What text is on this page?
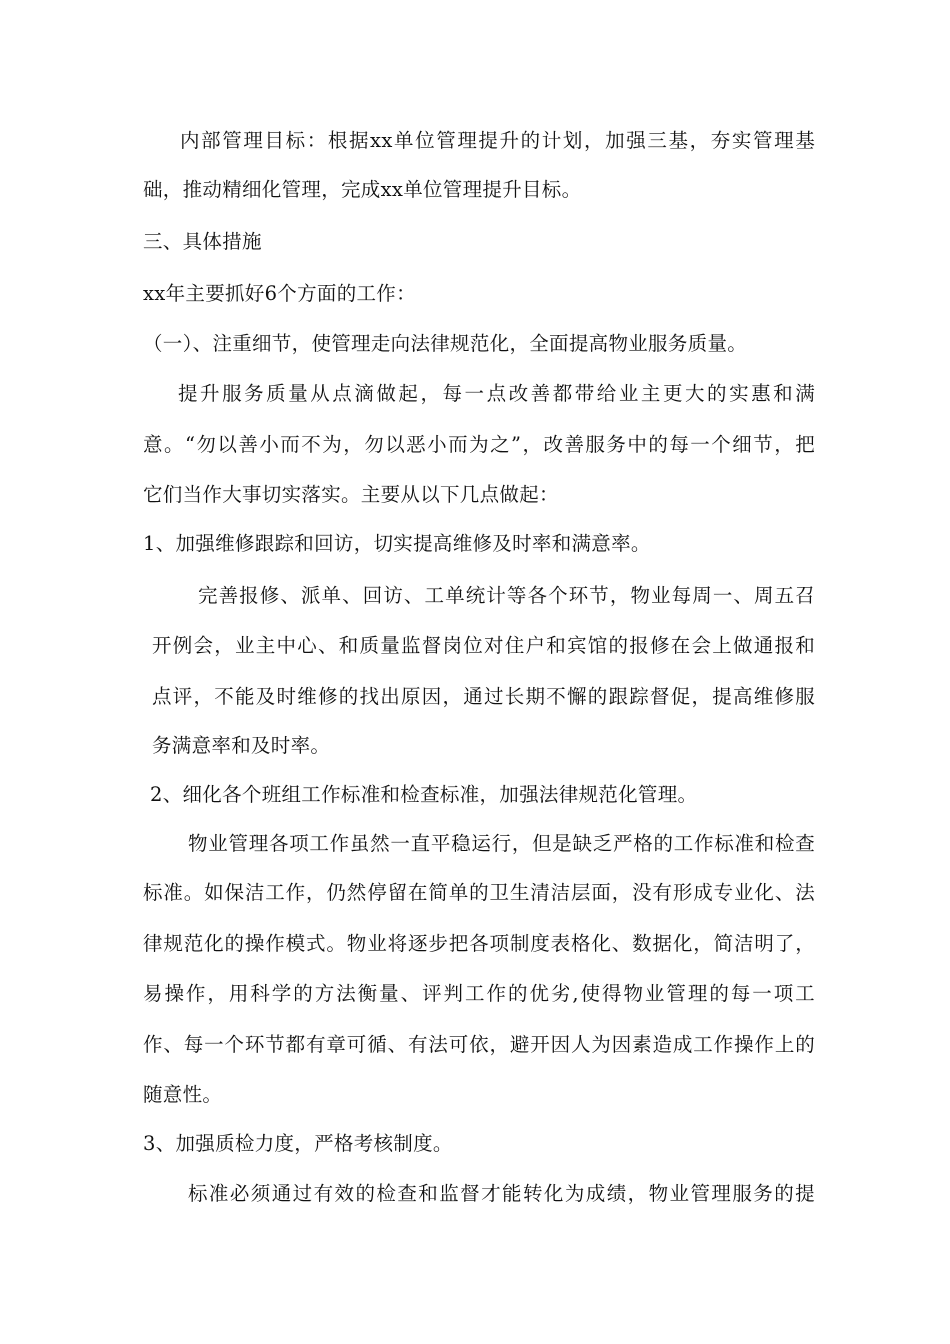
内部管理目标：根据xx单位管理提升的计划，加强三基，夯实管理基
础，推动精细化管理，完成xx单位管理提升目标。
三、具体措施
xx年主要抓好6个方面的工作：
（一）、注重细节，使管理走向法律规范化，全面提高物业服务质量。
提升服务质量从点滴做起，每一点改善都带给业主更大的实惠和满
意。“勿以善小而不为，勿以恶小而为之”，改善服务中的每一个细节，把
它们当作大事切实落实。主要从以下几点做起：
1、加强维修跟踪和回访，切实提高维修及时率和满意率。
完善报修、派单、回访、工单统计等各个环节，物业每周一、周五召
开例会，业主中心、和质量监督岗位对住户和宾馆的报修在会上做通报和
点评，不能及时维修的找出原因，通过长期不懈的跟踪督促，提高维修服
务满意率和及时率。
2、细化各个班组工作标准和检查标准，加强法律规范化管理。
物业管理各项工作虽然一直平稳运行，但是缺乏严格的工作标准和检查
标准。如保洁工作，仍然停留在简单的卫生清洁层面，没有形成专业化、法
律规范化的操作模式。物业将逐步把各项制度表格化、数据化，简洁明了，
易操作，用科学的方法衡量、评判工作的优劣,使得物业管理的每一项工
作、每一个环节都有章可循、有法可依，避开因人为因素造成工作操作上的
随意性。
3、加强质检力度，严格考核制度。
标准必须通过有效的检查和监督才能转化为成绩，物业管理服务的提
